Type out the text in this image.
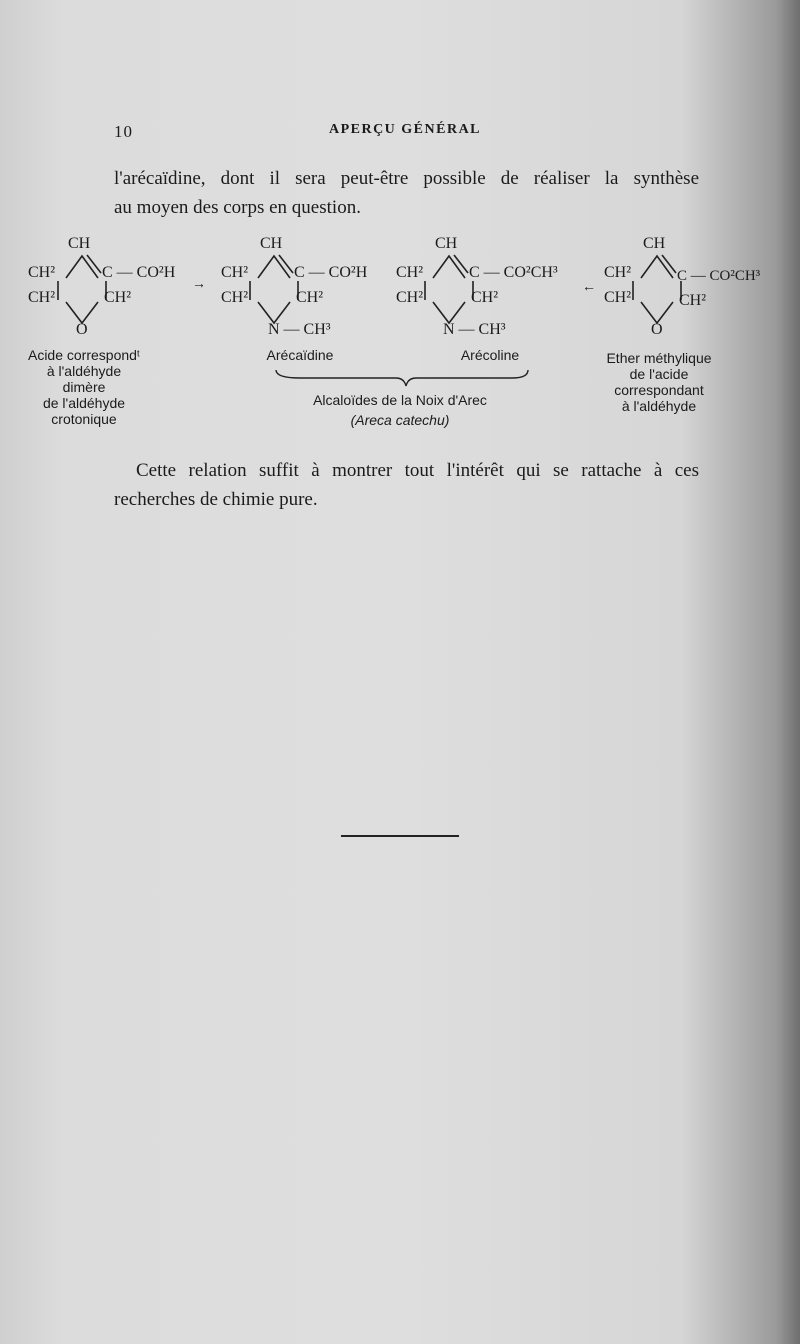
10	APERÇU GÉNÉRAL
l'arécaïdine, dont il sera peut-être possible de réaliser la synthèse
au moyen des corps en question.
CH
CH²
CH²
C — CO²H
CH²
O
Acide correspondᵗ
à l'aldéhyde
dimère
de l'aldéhyde
crotonique
→
CH
CH²
CH²
C — CO²H
CH²
N — CH³
Arécaïdine
CH
CH²
CH²
C — CO²CH³
CH²
N — CH³
Arécoline
←
CH
CH²
CH²
C — CO²CH³
CH²
O
Ether méthylique
de l'acide
correspondant
à l'aldéhyde
Alcaloïdes de la Noix d'Arec
(Areca catechu)
Cette relation suffit à montrer tout l'intérêt qui se rattache à ces
recherches de chimie pure.
